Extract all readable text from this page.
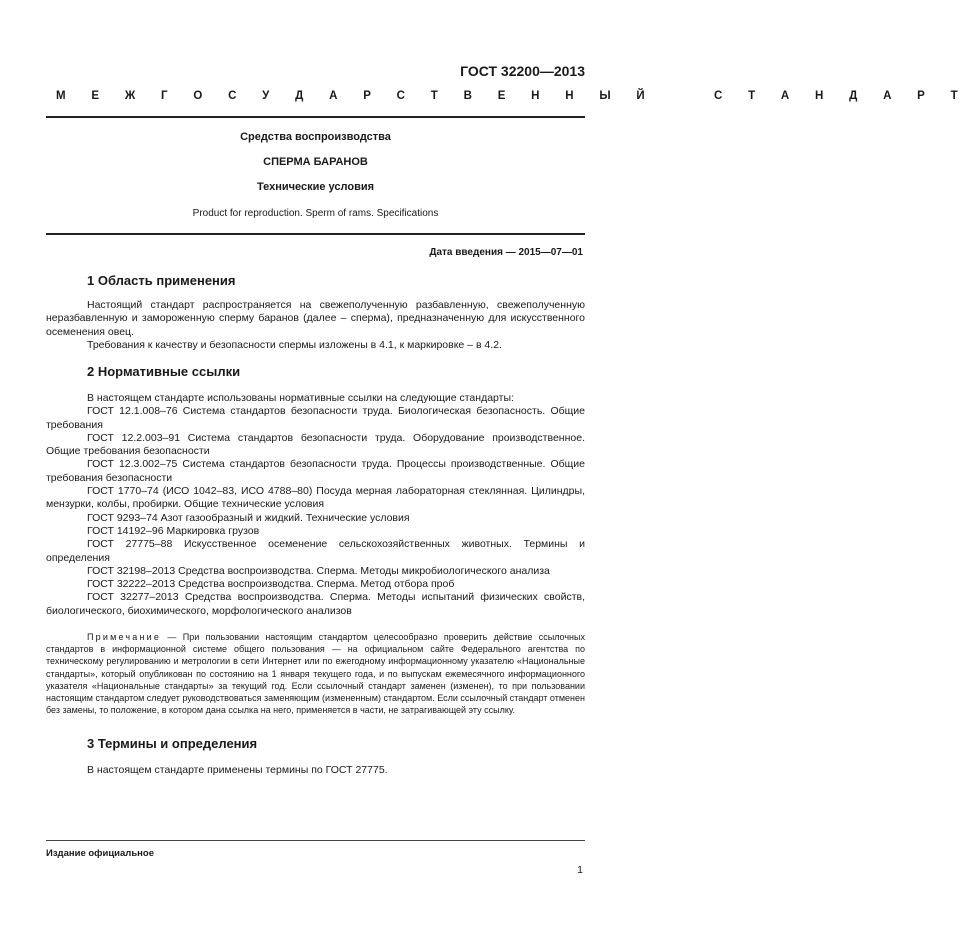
ГОСТ 32200—2013
М Е Ж Г О С У Д А Р С Т В Е Н Н Ы Й    С Т А Н Д А Р Т
Средства воспроизводства
СПЕРМА БАРАНОВ
Технические условия
Product for reproduction. Sperm of rams. Specifications
Дата введения — 2015—07—01
1 Область применения

Настоящий стандарт распространяется на свежеполученную разбавленную, свежеполученную неразбавленную и замороженную сперму баранов (далее – сперма), предназначенную для искусственного осеменения овец.

Требования к качеству и безопасности спермы изложены в 4.1, к маркировке – в 4.2.

2 Нормативные ссылки

В настоящем стандарте использованы нормативные ссылки на следующие стандарты:

ГОСТ 12.1.008–76 Система стандартов безопасности труда. Биологическая безопасность. Общие требования

ГОСТ 12.2.003–91 Система стандартов безопасности труда. Оборудование производственное. Общие требования безопасности

ГОСТ 12.3.002–75 Система стандартов безопасности труда. Процессы производственные. Общие требования безопасности

ГОСТ 1770–74 (ИСО 1042–83, ИСО 4788–80) Посуда мерная лабораторная стеклянная. Цилиндры, мензурки, колбы, пробирки. Общие технические условия

ГОСТ 9293–74 Азот газообразный и жидкий. Технические условия

ГОСТ 14192–96 Маркировка грузов

ГОСТ 27775–88 Искусственное осеменение сельскохозяйственных животных. Термины и определения

ГОСТ 32198–2013 Средства воспроизводства. Сперма. Методы микробиологического анализа

ГОСТ 32222–2013 Средства воспроизводства. Сперма. Метод отбора проб

ГОСТ 32277–2013 Средства воспроизводства. Сперма. Методы испытаний физических свойств, биологического, биохимического, морфологического анализов

Примечание — При пользовании настоящим стандартом целесообразно проверить действие ссылочных стандартов в информационной системе общего пользования — на официальном сайте Федерального агентства по техническому регулированию и метрологии в сети Интернет или по ежегодному информационному указателю «Национальные стандарты», который опубликован по состоянию на 1 января текущего года, и по выпускам ежемесячного информационного указателя «Национальные стандарты» за текущий год. Если ссылочный стандарт заменен (изменен), то при пользовании настоящим стандартом следует руководствоваться заменяющим (измененным) стандартом. Если ссылочный стандарт отменен без замены, то положение, в котором дана ссылка на него, применяется в части, не затрагивающей эту ссылку.
3 Термины и определения

В настоящем стандарте применены термины по ГОСТ 27775.

Издание официальное
1
